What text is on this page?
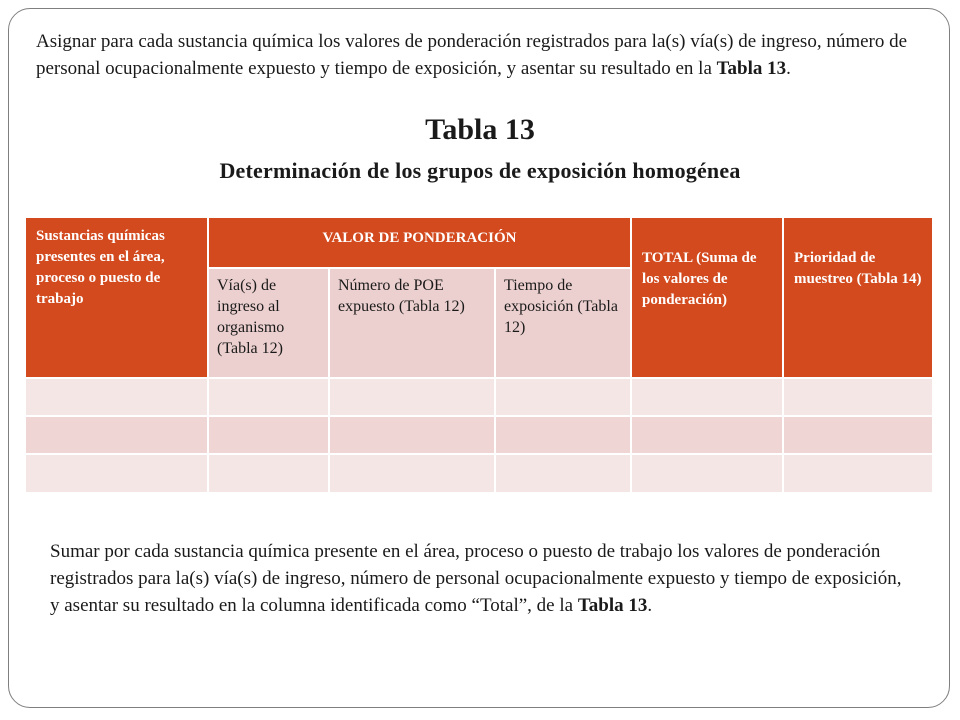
Asignar para cada sustancia química los valores de ponderación registrados para la(s) vía(s) de ingreso, número de personal ocupacionalmente expuesto y tiempo de exposición, y asentar su resultado en la Tabla 13.

Tabla 13
Determinación de los grupos de exposición homogénea
Sustancias químicas presentes en el área, proceso o puesto de trabajo	VALOR DE PONDERACIÓN			TOTAL (Suma de los valores de ponderación)	Prioridad de muestreo (Tabla 14)
	Vía(s) de ingreso al organismo (Tabla 12)	Número de POE expuesto (Tabla 12)	Tiempo de exposición (Tabla 12)		

Sumar por cada sustancia química presente en el área, proceso o puesto de trabajo los valores de ponderación registrados para la(s) vía(s) de ingreso, número de personal ocupacionalmente expuesto y tiempo de exposición, y asentar su resultado en la columna identificada como “Total”, de la Tabla 13.
